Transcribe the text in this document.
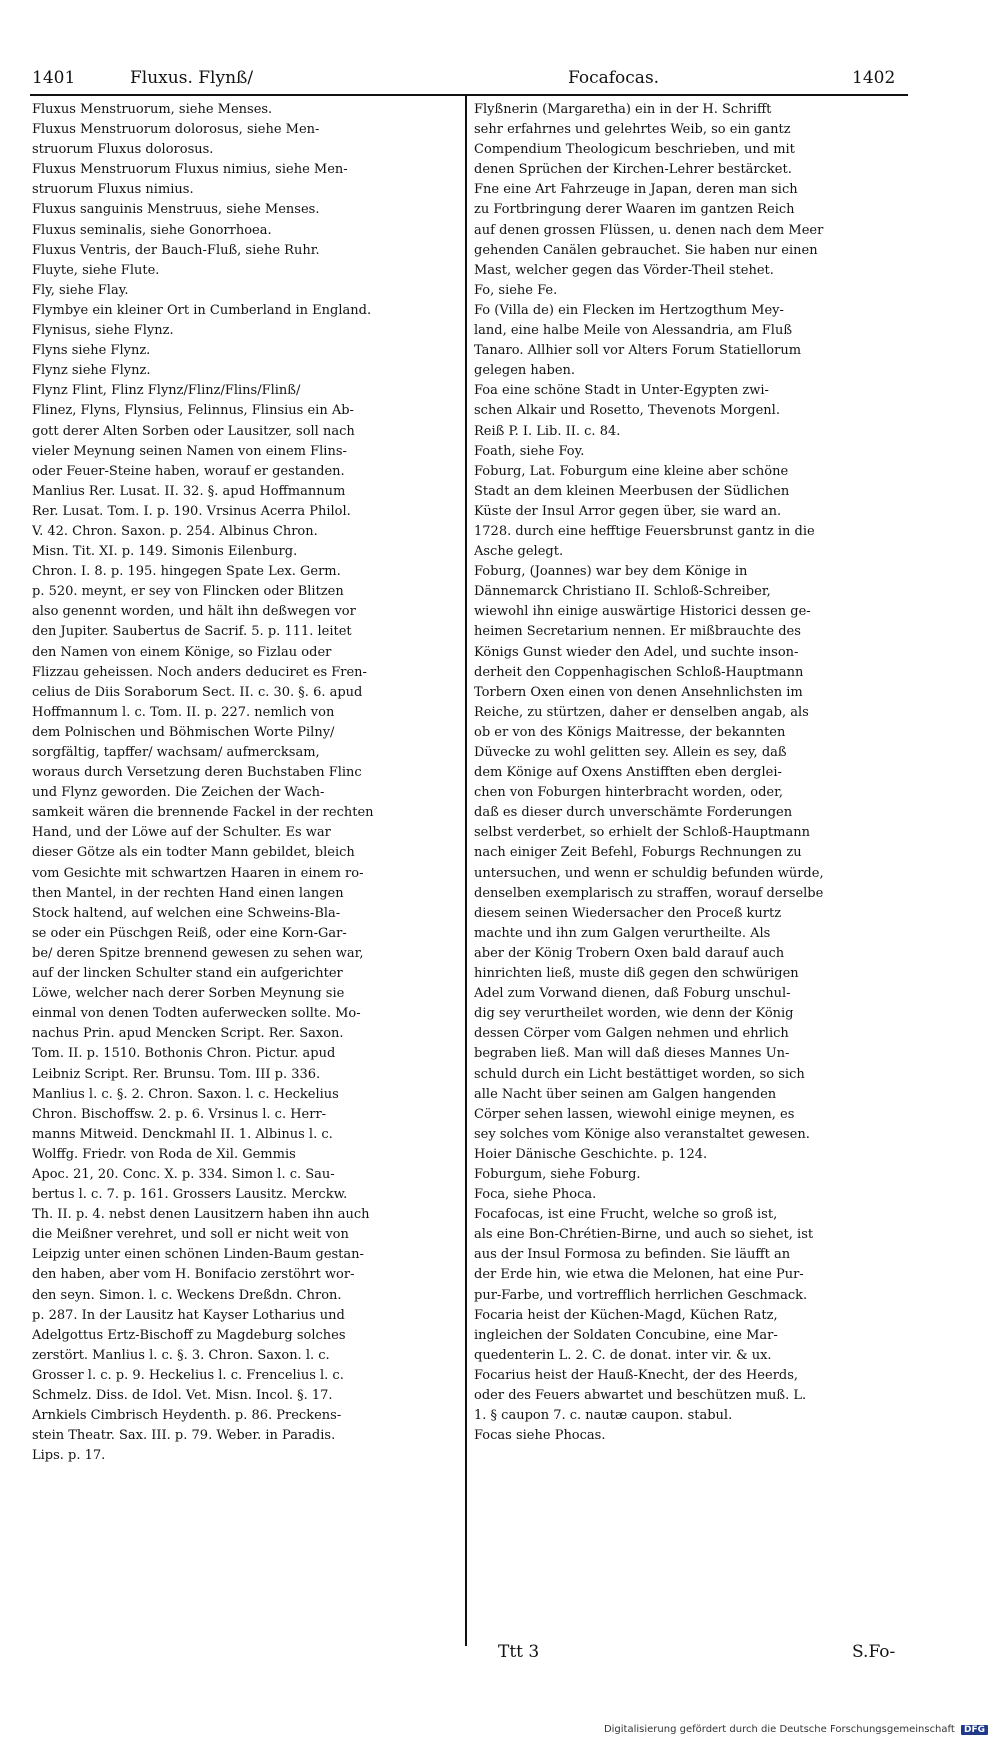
1401	Fluxus. Flynß/	Focafocas.	1402
Fluxus Menstruorum, siehe Menses.
Fluxus Menstruorum dolorosus, siehe Men-
struorum Fluxus dolorosus.
Fluxus Menstruorum Fluxus nimius, siehe Men-
struorum Fluxus nimius.
Fluxus sanguinis Menstruus, siehe Menses.
Fluxus seminalis, siehe Gonorrhoea.
Fluxus Ventris, der Bauch-Fluß, siehe Ruhr.
Fluyte, siehe Flute.
Fly, siehe Flay.
Flymbye ein kleiner Ort in Cumberland in England.
Flynisus, siehe Flynz.
Flyns siehe Flynz.
Flynz siehe Flynz.
Flynz Flint, Flinz Flynz/Flinz/Flins/Flinß/
Flinez, Flyns, Flynsius, Felinnus, Flinsius ein Ab-
gott derer Alten Sorben oder Lausitzer, soll nach
vieler Meynung seinen Namen von einem Flins-
oder Feuer-Steine haben, worauf er gestanden.
Manlius Rer. Lusat. II. 32. §. apud Hoffmannum
Rer. Lusat. Tom. I. p. 190. Vrsinus Acerra Philol.
V. 42. Chron. Saxon. p. 254. Albinus Chron.
Misn. Tit. XI. p. 149. Simonis Eilenburg.
Chron. I. 8. p. 195. hingegen Spate Lex. Germ.
p. 520. meynt, er sey von Flincken oder Blitzen
also genennt worden, und hält ihn deßwegen vor
den Jupiter. Saubertus de Sacrif. 5. p. 111. leitet
den Namen von einem Könige, so Fizlau oder
Flizzau geheissen. Noch anders deduciret es Fren-
celius de Diis Soraborum Sect. II. c. 30. §. 6. apud
Hoffmannum l. c. Tom. II. p. 227. nemlich von
dem Polnischen und Böhmischen Worte Pilny/
sorgfältig, tapffer/ wachsam/ aufmercksam,
woraus durch Versetzung deren Buchstaben Flinc
und Flynz geworden. Die Zeichen der Wach-
samkeit wären die brennende Fackel in der rechten
Hand, und der Löwe auf der Schulter. Es war
dieser Götze als ein todter Mann gebildet, bleich
vom Gesichte mit schwartzen Haaren in einem ro-
then Mantel, in der rechten Hand einen langen
Stock haltend, auf welchen eine Schweins-Bla-
se oder ein Püschgen Reiß, oder eine Korn-Gar-
be/ deren Spitze brennend gewesen zu sehen war,
auf der lincken Schulter stand ein aufgerichter
Löwe, welcher nach derer Sorben Meynung sie
einmal von denen Todten auferwecken sollte. Mo-
nachus Prin. apud Mencken Script. Rer. Saxon.
Tom. II. p. 1510. Bothonis Chron. Pictur. apud
Leibniz Script. Rer. Brunsu. Tom. III p. 336.
Manlius l. c. §. 2. Chron. Saxon. l. c. Heckelius
Chron. Bischoffsw. 2. p. 6. Vrsinus l. c. Herr-
manns Mitweid. Denckmahl II. 1. Albinus l. c.
Wolffg. Friedr. von Roda de Xil. Gemmis
Apoc. 21, 20. Conc. X. p. 334. Simon l. c. Sau-
bertus l. c. 7. p. 161. Grossers Lausitz. Merckw.
Th. II. p. 4. nebst denen Lausitzern haben ihn auch
die Meißner verehret, und soll er nicht weit von
Leipzig unter einen schönen Linden-Baum gestan-
den haben, aber vom H. Bonifacio zerstöhrt wor-
den seyn. Simon. l. c. Weckens Dreßdn. Chron.
p. 287. In der Lausitz hat Kayser Lotharius und
Adelgottus Ertz-Bischoff zu Magdeburg solches
zerstört. Manlius l. c. §. 3. Chron. Saxon. l. c.
Grosser l. c. p. 9. Heckelius l. c. Frencelius l. c.
Schmelz. Diss. de Idol. Vet. Misn. Incol. §. 17.
Arnkiels Cimbrisch Heydenth. p. 86. Preckens-
stein Theatr. Sax. III. p. 79. Weber. in Paradis.
Lips. p. 17.
Flyßnerin (Margaretha) ein in der H. Schrifft
sehr erfahrnes und gelehrtes Weib, so ein gantz
Compendium Theologicum beschrieben, und mit
denen Sprüchen der Kirchen-Lehrer bestärcket.
Fne eine Art Fahrzeuge in Japan, deren man sich
zu Fortbringung derer Waaren im gantzen Reich
auf denen grossen Flüssen, u. denen nach dem Meer
gehenden Canälen gebrauchet. Sie haben nur einen
Mast, welcher gegen das Vörder-Theil stehet.
Fo, siehe Fe.
Fo (Villa de) ein Flecken im Hertzogthum Mey-
land, eine halbe Meile von Alessandria, am Fluß
Tanaro. Allhier soll vor Alters Forum Statiellorum
gelegen haben.
Foa eine schöne Stadt in Unter-Egypten zwi-
schen Alkair und Rosetto, Thevenots Morgenl.
Reiß P. I. Lib. II. c. 84.
Foath, siehe Foy.
Foburg, Lat. Foburgum eine kleine aber schöne
Stadt an dem kleinen Meerbusen der Südlichen
Küste der Insul Arror gegen über, sie ward an.
1728. durch eine hefftige Feuersbrunst gantz in die
Asche gelegt.
Foburg, (Joannes) war bey dem Könige in
Dännemarck Christiano II. Schloß-Schreiber,
wiewohl ihn einige auswärtige Historici dessen ge-
heimen Secretarium nennen. Er mißbrauchte des
Königs Gunst wieder den Adel, und suchte inson-
derheit den Coppenhagischen Schloß-Hauptmann
Torbern Oxen einen von denen Ansehnlichsten im
Reiche, zu stürtzen, daher er denselben angab, als
ob er von des Königs Maitresse, der bekannten
Düvecke zu wohl gelitten sey. Allein es sey, daß
dem Könige auf Oxens Anstifften eben derglei-
chen von Foburgen hinterbracht worden, oder,
daß es dieser durch unverschämte Forderungen
selbst verderbet, so erhielt der Schloß-Hauptmann
nach einiger Zeit Befehl, Foburgs Rechnungen zu
untersuchen, und wenn er schuldig befunden würde,
denselben exemplarisch zu straffen, worauf derselbe
diesem seinen Wiedersacher den Proceß kurtz
machte und ihn zum Galgen verurtheilte. Als
aber der König Trobern Oxen bald darauf auch
hinrichten ließ, muste diß gegen den schwürigen
Adel zum Vorwand dienen, daß Foburg unschul-
dig sey verurtheilet worden, wie denn der König
dessen Cörper vom Galgen nehmen und ehrlich
begraben ließ. Man will daß dieses Mannes Un-
schuld durch ein Licht bestättiget worden, so sich
alle Nacht über seinen am Galgen hangenden
Cörper sehen lassen, wiewohl einige meynen, es
sey solches vom Könige also veranstaltet gewesen.
Hoier Dänische Geschichte. p. 124.
Foburgum, siehe Foburg.
Foca, siehe Phoca.
Focafocas, ist eine Frucht, welche so groß ist,
als eine Bon-Chrétien-Birne, und auch so siehet, ist
aus der Insul Formosa zu befinden. Sie läufft an
der Erde hin, wie etwa die Melonen, hat eine Pur-
pur-Farbe, und vortrefflich herrlichen Geschmack.
Focaria heist der Küchen-Magd, Küchen Ratz,
ingleichen der Soldaten Concubine, eine Mar-
quedenterin L. 2. C. de donat. inter vir. & ux.
Focarius heist der Hauß-Knecht, der des Heerds,
oder des Feuers abwartet und beschützen muß. L.
1. § caupon 7. c. nautæ caupon. stabul.
Focas siehe Phocas.
Ttt 3	S.Fo-
Digitalisierung gefördert durch die Deutsche Forschungsgemeinschaft DFG
